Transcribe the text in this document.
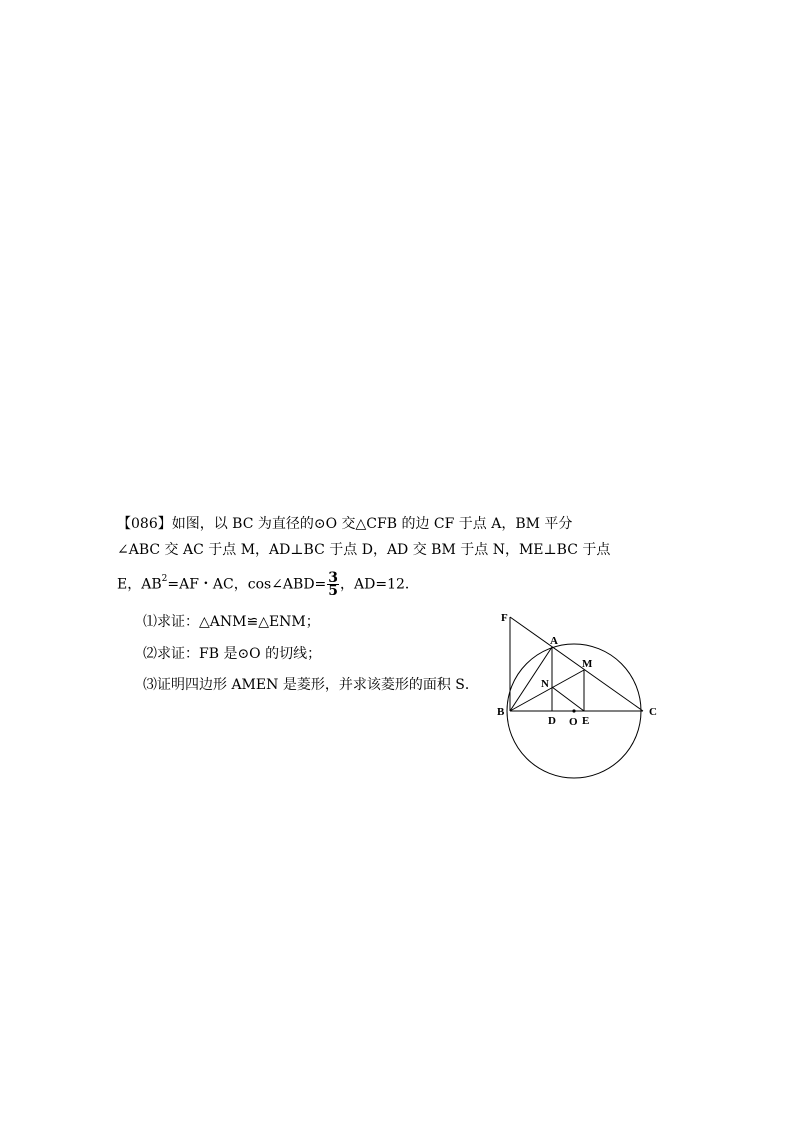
【086】如图，以 BC 为直径的⊙O 交△CFB 的边 CF 于点 A，BM 平分
∠ABC 交 AC 于点 M，AD⊥BC 于点 D，AD 交 BM 于点 N，ME⊥BC 于点
E，$AB^2=AF$・AC，cos∠ABD= $\frac{3}{5}$ ，AD=12．
⑴求证：△ANM≌△ENM；
⑵求证：FB 是⊙O 的切线；
⑶证明四边形 AMEN 是菱形，并求该菱形的面积 S．
F
A
M
N
B
D O E
C
